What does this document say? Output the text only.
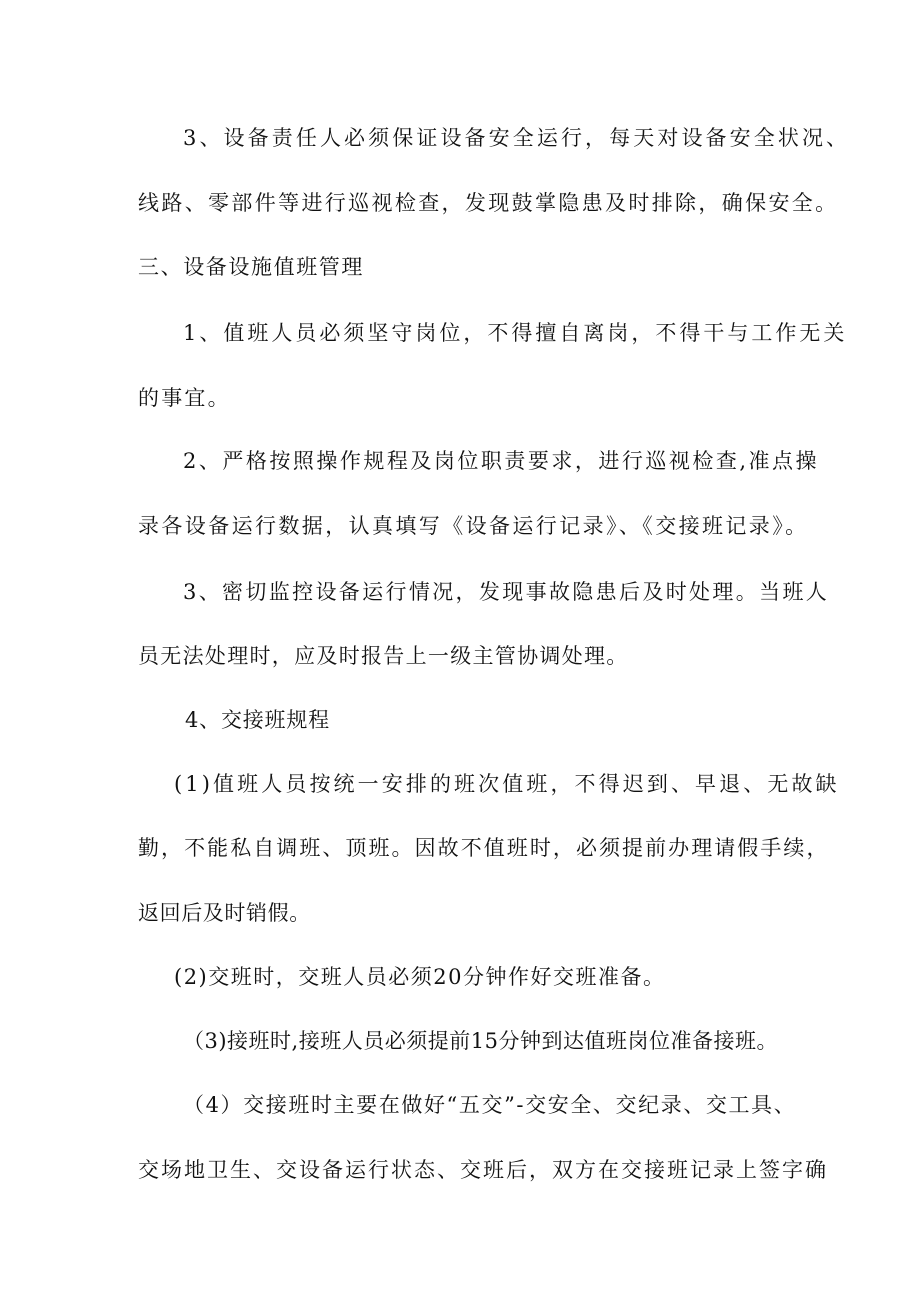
3、设备责任人必须保证设备安全运行，每天对设备安全状况、
线路、零部件等进行巡视检查，发现鼓掌隐患及时排除，确保安全。
三、设备设施值班管理
1、值班人员必须坚守岗位，不得擅自离岗，不得干与工作无关
的事宜。
2、严格按照操作规程及岗位职责要求，进行巡视检查,准点操
录各设备运行数据，认真填写《设备运行记录》、《交接班记录》。
3、密切监控设备运行情况，发现事故隐患后及时处理。当班人
员无法处理时，应及时报告上一级主管协调处理。
4、交接班规程
(1)值班人员按统一安排的班次值班，不得迟到、早退、无故缺
勤，不能私自调班、顶班。因故不值班时，必须提前办理请假手续，
返回后及时销假。
(2)交班时，交班人员必须20分钟作好交班准备。
（3)接班时,接班人员必须提前15分钟到达值班岗位准备接班。
（4）交接班时主要在做好“五交”-交安全、交纪录、交工具、
交场地卫生、交设备运行状态、交班后，双方在交接班记录上签字确
